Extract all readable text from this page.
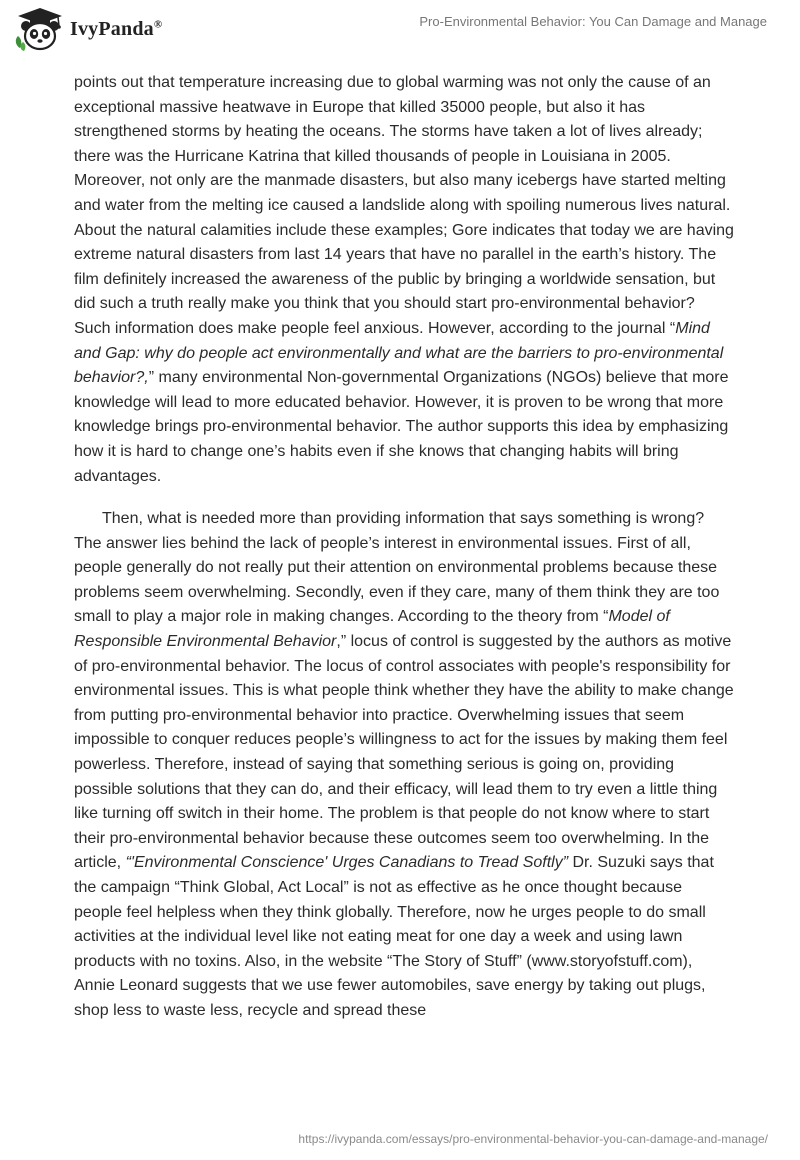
IvyPanda®	Pro-Environmental Behavior: You Can Damage and Manage

points out that temperature increasing due to global warming was not only the cause of an exceptional massive heatwave in Europe that killed 35000 people, but also it has strengthened storms by heating the oceans. The storms have taken a lot of lives already; there was the Hurricane Katrina that killed thousands of people in Louisiana in 2005. Moreover, not only are the manmade disasters, but also many icebergs have started melting and water from the melting ice caused a landslide along with spoiling numerous lives natural. About the natural calamities include these examples; Gore indicates that today we are having extreme natural disasters from last 14 years that have no parallel in the earth’s history. The film definitely increased the awareness of the public by bringing a worldwide sensation, but did such a truth really make you think that you should start pro-environmental behavior? Such information does make people feel anxious. However, according to the journal “Mind and Gap: why do people act environmentally and what are the barriers to pro-environmental behavior?,” many environmental Non-governmental Organizations (NGOs) believe that more knowledge will lead to more educated behavior. However, it is proven to be wrong that more knowledge brings pro-environmental behavior. The author supports this idea by emphasizing how it is hard to change one’s habits even if she knows that changing habits will bring advantages.

Then, what is needed more than providing information that says something is wrong? The answer lies behind the lack of people’s interest in environmental issues. First of all, people generally do not really put their attention on environmental problems because these problems seem overwhelming. Secondly, even if they care, many of them think they are too small to play a major role in making changes. According to the theory from “Model of Responsible Environmental Behavior,” locus of control is suggested by the authors as motive of pro-environmental behavior. The locus of control associates with people's responsibility for environmental issues. This is what people think whether they have the ability to make change from putting pro-environmental behavior into practice. Overwhelming issues that seem impossible to conquer reduces people’s willingness to act for the issues by making them feel powerless. Therefore, instead of saying that something serious is going on, providing possible solutions that they can do, and their efficacy, will lead them to try even a little thing like turning off switch in their home. The problem is that people do not know where to start their pro-environmental behavior because these outcomes seem too overwhelming. In the article, “'Environmental Conscience' Urges Canadians to Tread Softly” Dr. Suzuki says that the campaign “Think Global, Act Local” is not as effective as he once thought because people feel helpless when they think globally. Therefore, now he urges people to do small activities at the individual level like not eating meat for one day a week and using lawn products with no toxins. Also, in the website “The Story of Stuff” (www.storyofstuff.com), Annie Leonard suggests that we use fewer automobiles, save energy by taking out plugs, shop less to waste less, recycle and spread these

https://ivypanda.com/essays/pro-environmental-behavior-you-can-damage-and-manage/
